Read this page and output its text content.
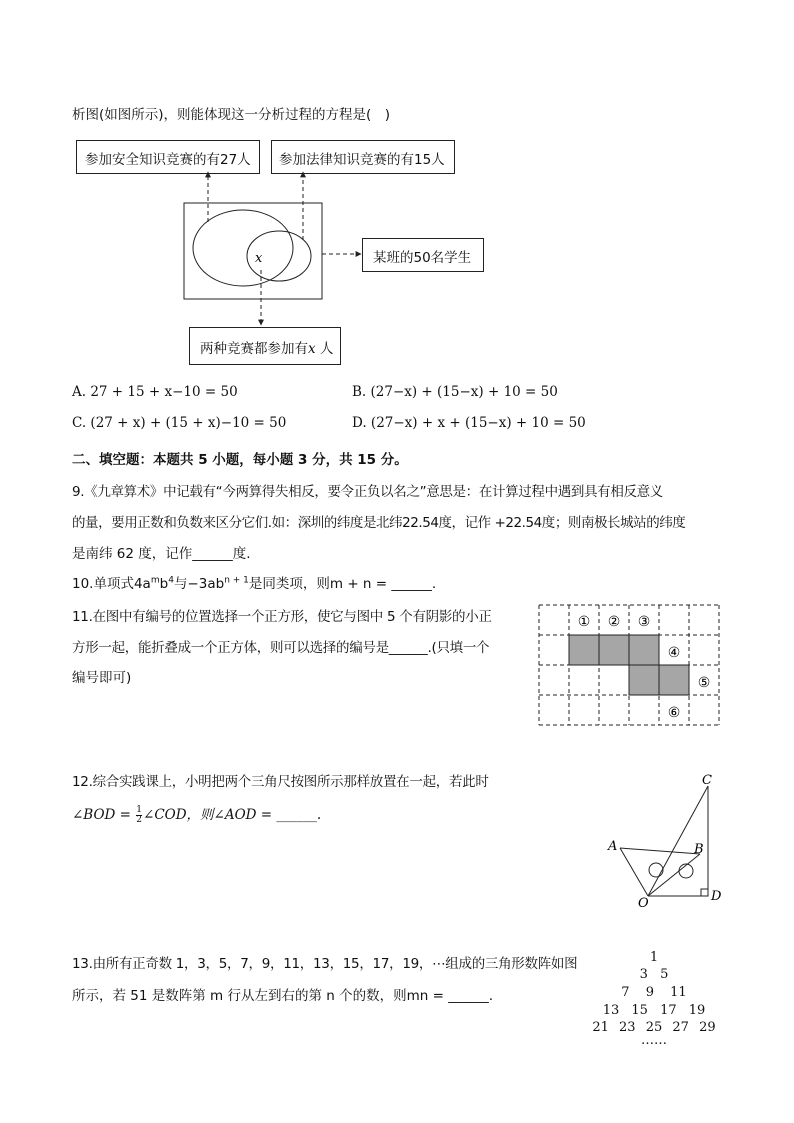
析图(如图所示)，则能体现这一分析过程的方程是(　)
参加安全知识竞赛的有27人 参加法律知识竞赛的有15人
某班的50名学生
两种竞赛都参加有x 人
x
A. 27 + 15 + x−10 = 50	B. (27−x) + (15−x) + 10 = 50
C. (27 + x) + (15 + x)−10 = 50	D. (27−x) + x + (15−x) + 10 = 50
二、填空题：本题共 5 小题，每小题 3 分，共 15 分。
9.《九章算术》中记载有“今两算得失相反，要令正负以名之”意思是：在计算过程中遇到具有相反意义
的量，要用正数和负数来区分它们.如：深圳的纬度是北纬22.54度，记作 +22.54度；则南极长城站的纬度
是南纬 62 度，记作______度.
10.单项式$4a^mb^4$与$-3ab^{n + 1}$是同类项，则m + n = ______.
11.在图中有编号的位置选择一个正方形，使它与图中 5 个有阴影的小正
方形一起，能折叠成一个正方体，则可以选择的编号是______.(只填一个
编号即可)
① ② ③
④
⑤
⑥
12.综合实践课上，小明把两个三角尺按图所示那样放置在一起，若此时
∠BOD = $\frac{1}{2}$ ∠COD，则∠AOD = ______.
C
A	B
O	D
13.由所有正奇数 1，3，5，7，9，11，13，15，17，19，⋯组成的三角形数阵如图
所示，若 51 是数阵第 m 行从左到右的第 n 个的数，则mn = ______.
1
3 5
7 9 11
13 15 17 19
21 23 25 27 29
……
